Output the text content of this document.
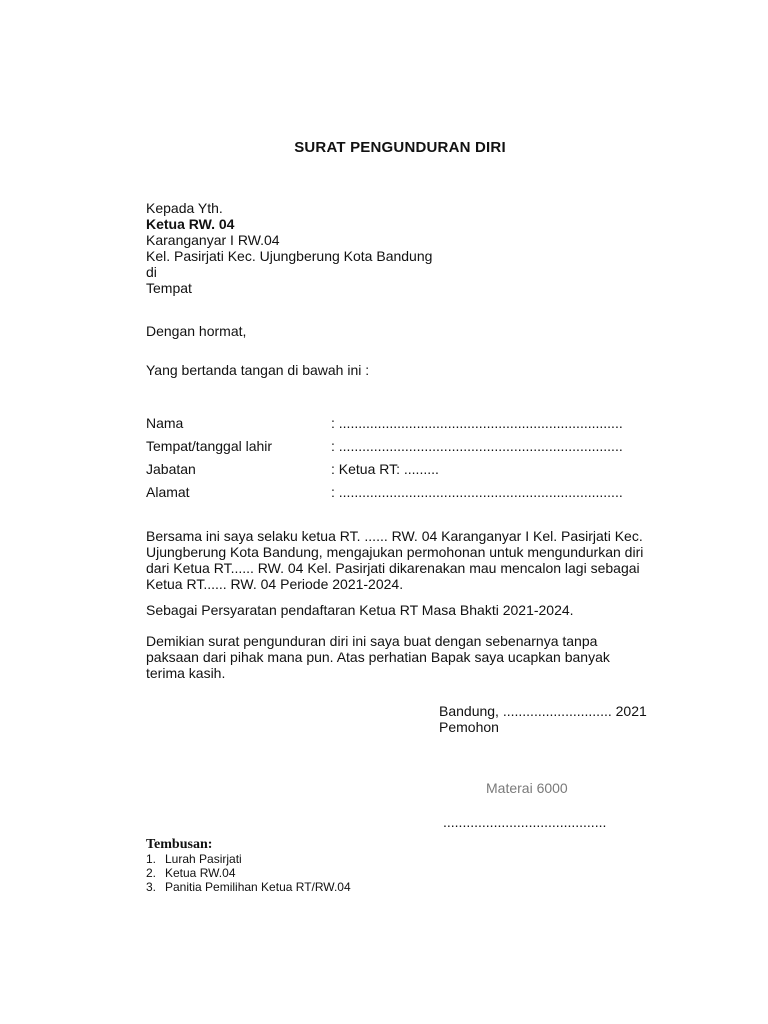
SURAT PENGUNDURAN DIRI
Kepada Yth.
Ketua RW. 04
Karanganyar I RW.04
Kel. Pasirjati Kec. Ujungberung Kota Bandung
di
Tempat
Dengan hormat,
Yang bertanda tangan di bawah ini :
Nama	: .........................................................................
Tempat/tanggal lahir	: .........................................................................
Jabatan	: Ketua RT: .........
Alamat	: .........................................................................
Bersama ini saya selaku ketua RT. ...... RW. 04 Karanganyar I Kel. Pasirjati Kec.
Ujungberung Kota Bandung, mengajukan permohonan untuk mengundurkan diri
dari Ketua RT...... RW. 04 Kel. Pasirjati dikarenakan mau mencalon lagi sebagai
Ketua RT...... RW. 04 Periode 2021-2024.
Sebagai Persyaratan pendaftaran Ketua RT Masa Bhakti 2021-2024.
Demikian surat pengunduran diri ini saya buat dengan sebenarnya tanpa
paksaan dari pihak mana pun. Atas perhatian Bapak saya ucapkan banyak
terima kasih.
Bandung, ............................ 2021
Pemohon
Materai 6000
..........................................
Tembusan:
1. Lurah Pasirjati
2. Ketua RW.04
3. Panitia Pemilihan Ketua RT/RW.04
